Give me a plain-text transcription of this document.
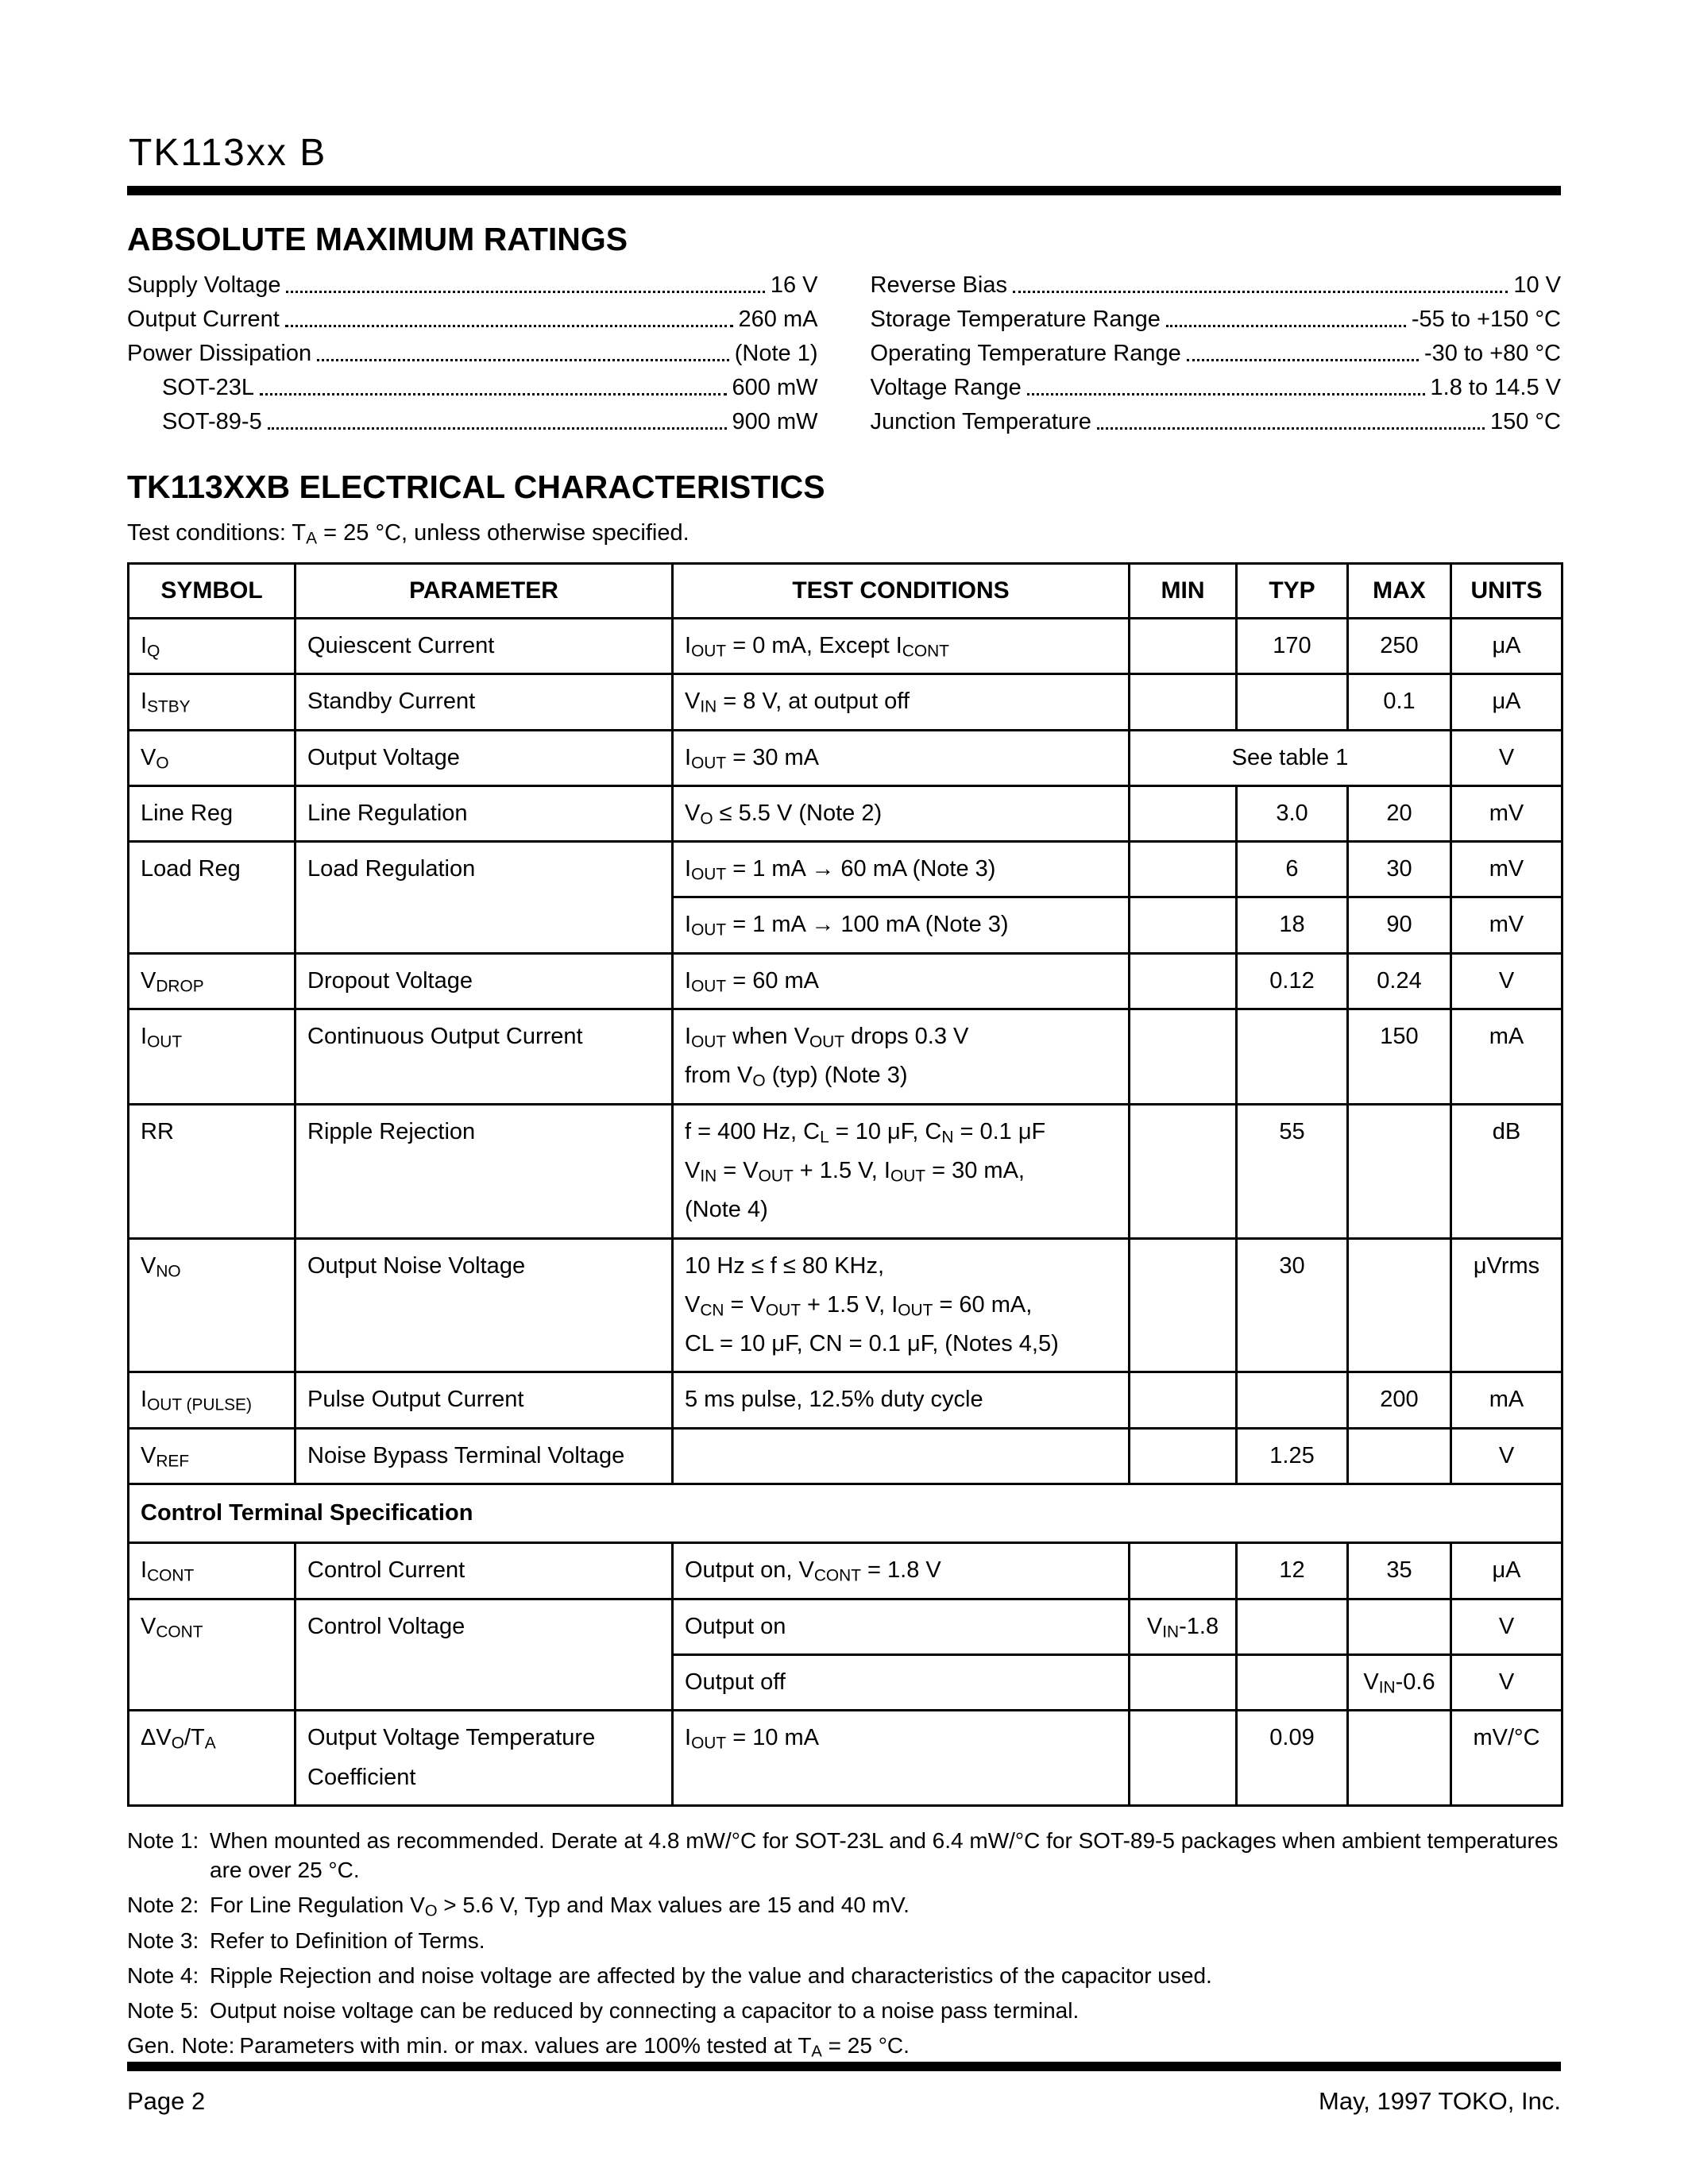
TK113xx B
ABSOLUTE MAXIMUM RATINGS
Supply Voltage	16 V
Output Current	260 mA
Power Dissipation	(Note 1)
SOT-23L	600 mW
SOT-89-5	900 mW
Reverse Bias	10 V
Storage Temperature Range	-55 to +150 °C
Operating Temperature Range	-30 to +80 °C
Voltage Range	1.8 to 14.5 V
Junction Temperature	150 °C
TK113XXB ELECTRICAL CHARACTERISTICS

Test conditions: $T_A = 25$ °C, unless otherwise specified.

SYMBOL	PARAMETER	TEST CONDITIONS	MIN	TYP	MAX	UNITS
$I_Q$	Quiescent Current	$I_{OUT} = 0$ mA, Except $I_{CONT}$		170	250	μA
$I_{STBY}$	Standby Current	$V_{IN} = 8$ V, at output off			0.1	μA
$V_O$	Output Voltage	$I_{OUT} = 30$ mA	See table 1			V
Line Reg	Line Regulation	$V_O \le 5.5$ V (Note 2)		3.0	20	mV
Load Reg	Load Regulation	$I_{OUT} = 1$ mA → 60 mA (Note 3)		6	30	mV
		$I_{OUT} = 1$ mA → 100 mA (Note 3)		18	90	mV
$V_{DROP}$	Dropout Voltage	$I_{OUT} = 60$ mA		0.12	0.24	V
$I_{OUT}$	Continuous Output Current	$I_{OUT}$ when $V_{OUT}$ drops 0.3 V
from $V_O$ (typ) (Note 3)			150	mA
RR	Ripple Rejection	f = 400 Hz, $C_L = 10$ μF, $C_N = 0.1$ μF
$V_{IN} = V_{OUT} + 1.5$ V, $I_{OUT} = 30$ mA,
(Note 4)		55		dB
$V_{NO}$	Output Noise Voltage	10 Hz ≤ f ≤ 80 KHz,
$V_{CN} = V_{OUT} + 1.5$ V, $I_{OUT} = 60$ mA,
CL = 10 μF, CN = 0.1 μF, (Notes 4,5)		30		μVrms
$I_{OUT (PULSE)}$	Pulse Output Current	5 ms pulse, 12.5% duty cycle			200	mA
$V_{REF}$	Noise Bypass Terminal Voltage			1.25		V
Control Terminal Specification						
$I_{CONT}$	Control Current	Output on, $V_{CONT} = 1.8$ V		12	35	μA
$V_{CONT}$	Control Voltage	Output on	$V_{IN}-1.8$			V
		Output off			$V_{IN}-0.6$	V
$\Delta V_O/T_A$	Output Voltage Temperature Coefficient	$I_{OUT} = 10$ mA		0.09		mV/°C
Note 1: When mounted as recommended. Derate at 4.8 mW/°C for SOT-23L and 6.4 mW/°C for SOT-89-5 packages when ambient temperatures are over 25 °C.
Note 2: For Line Regulation $V_O > 5.6$ V, Typ and Max values are 15 and 40 mV.
Note 3: Refer to Definition of Terms.
Note 4: Ripple Rejection and noise voltage are affected by the value and characteristics of the capacitor used.
Note 5: Output noise voltage can be reduced by connecting a capacitor to a noise pass terminal.
Gen. Note: Parameters with min. or max. values are 100% tested at $T_A = 25$ °C.
Page 2	May, 1997 TOKO, Inc.
